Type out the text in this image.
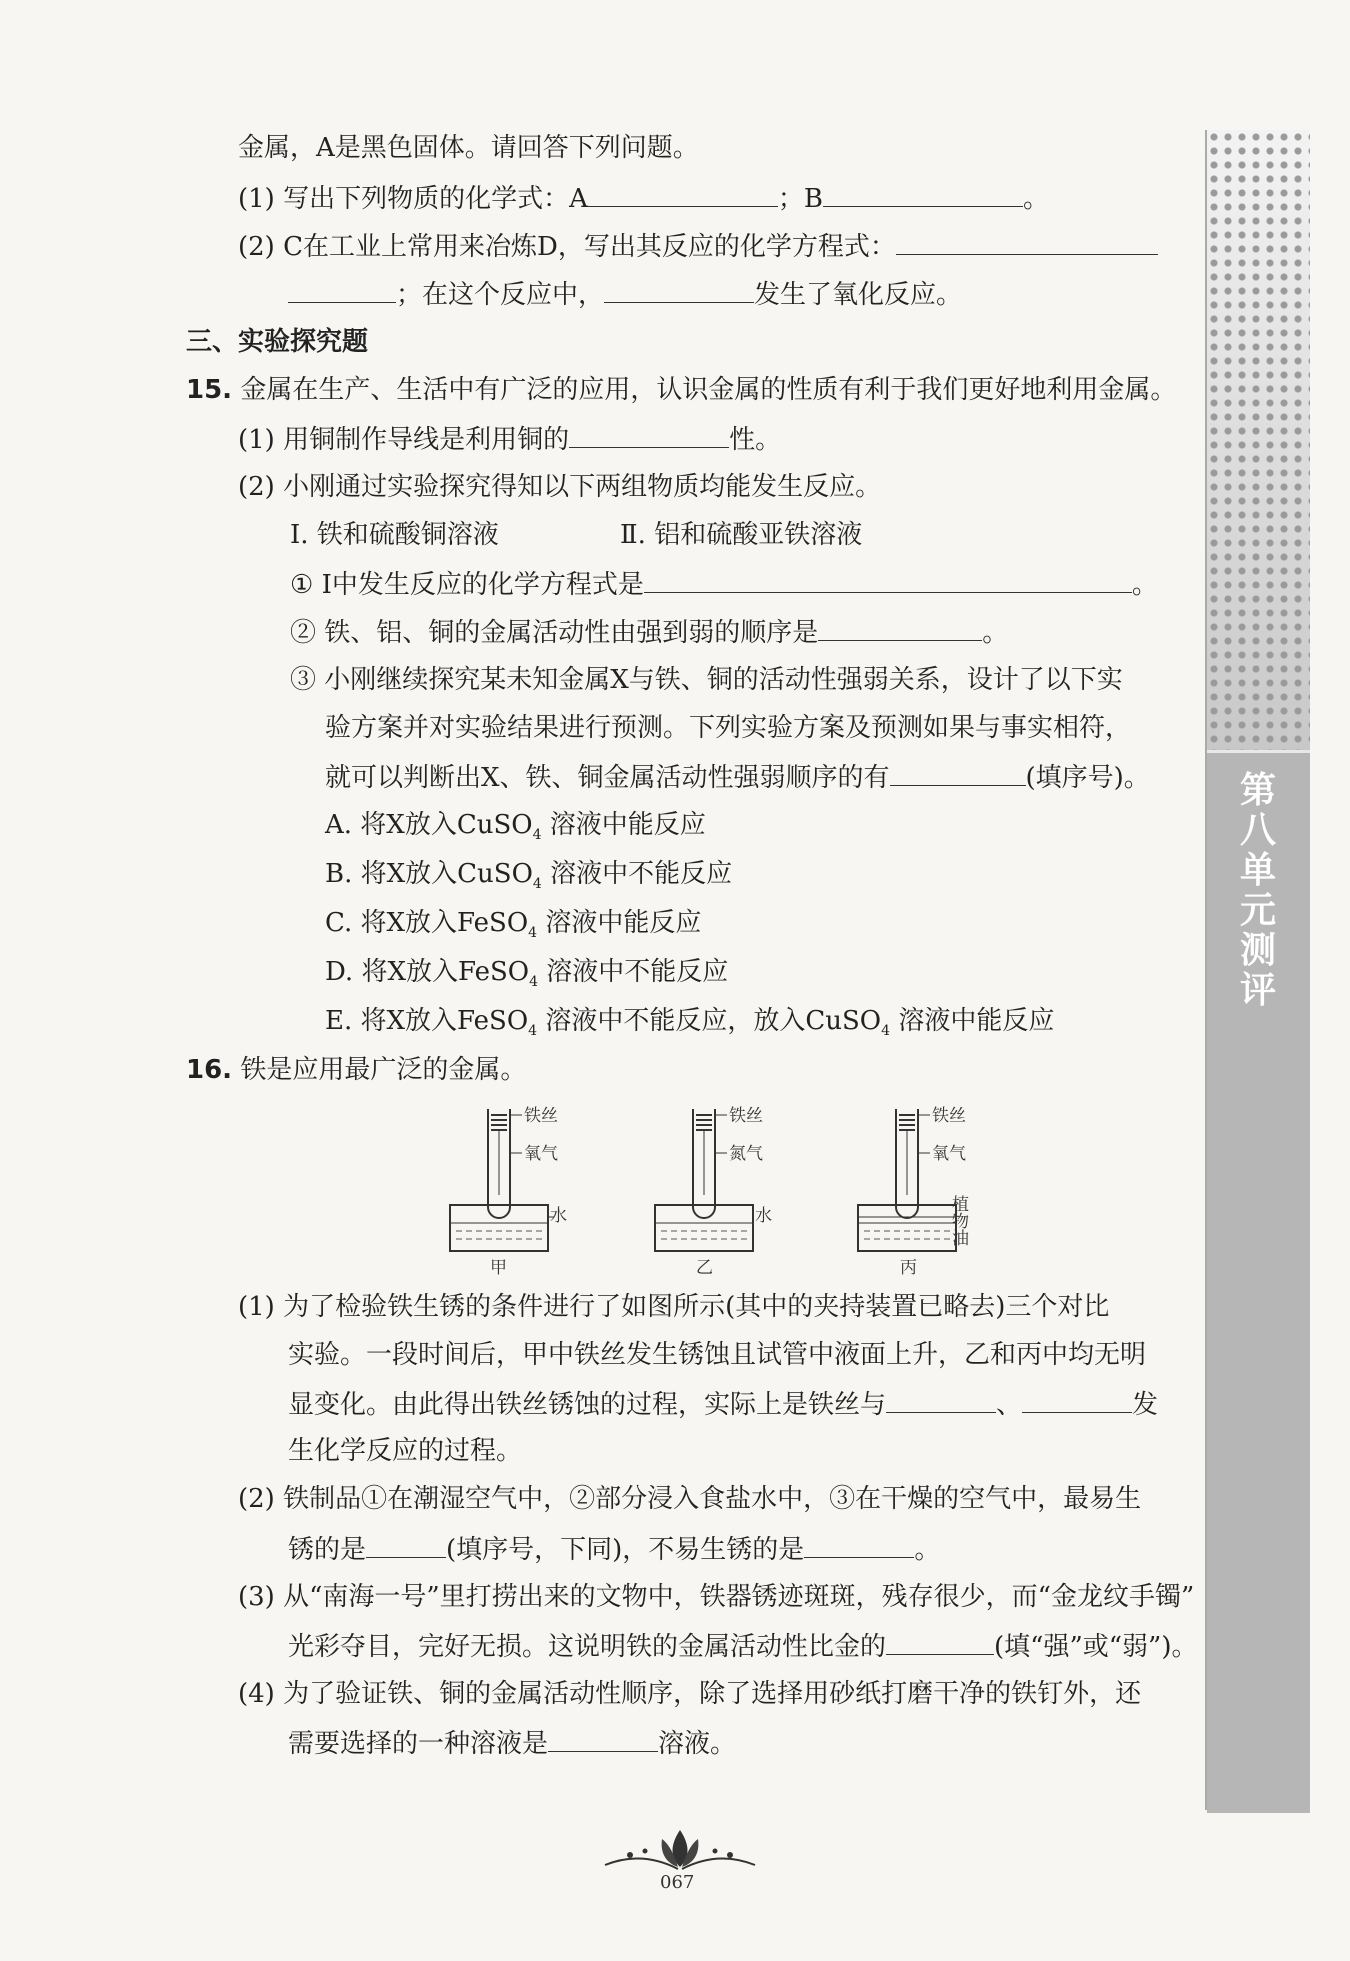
第八单元测评
金属，A是黑色固体。请回答下列问题。
(1) 写出下列物质的化学式：A	；B	。
(2) C在工业上常用来冶炼D，写出其反应的化学方程式：
；在这个反应中，	发生了氧化反应。
三、实验探究题
15. 金属在生产、生活中有广泛的应用，认识金属的性质有利于我们更好地利用金属。
(1) 用铜制作导线是利用铜的	性。
(2) 小刚通过实验探究得知以下两组物质均能发生反应。
Ⅰ. 铁和硫酸铜溶液	Ⅱ. 铝和硫酸亚铁溶液
① Ⅰ中发生反应的化学方程式是	。
② 铁、铝、铜的金属活动性由强到弱的顺序是	。
③ 小刚继续探究某未知金属X与铁、铜的活动性强弱关系，设计了以下实
验方案并对实验结果进行预测。下列实验方案及预测如果与事实相符，
就可以判断出X、铁、铜金属活动性强弱顺序的有	(填序号)。
A. 将X放入CuSO$_4$ 溶液中能反应
B. 将X放入CuSO$_4$ 溶液中不能反应
C. 将X放入FeSO$_4$ 溶液中能反应
D. 将X放入FeSO$_4$ 溶液中不能反应
E. 将X放入FeSO$_4$ 溶液中不能反应，放入CuSO$_4$ 溶液中能反应
16. 铁是应用最广泛的金属。
铁丝
氧气
水
甲
铁丝
氮气
水
乙
铁丝
氧气
植物油
丙
(1) 为了检验铁生锈的条件进行了如图所示(其中的夹持装置已略去)三个对比
实验。一段时间后，甲中铁丝发生锈蚀且试管中液面上升，乙和丙中均无明
显变化。由此得出铁丝锈蚀的过程，实际上是铁丝与	、	发
生化学反应的过程。
(2) 铁制品①在潮湿空气中，②部分浸入食盐水中，③在干燥的空气中，最易生
锈的是	(填序号，下同)，不易生锈的是	。
(3) 从“南海一号”里打捞出来的文物中，铁器锈迹斑斑，残存很少，而“金龙纹手镯”
光彩夺目，完好无损。这说明铁的金属活动性比金的	(填“强”或“弱”)。
(4) 为了验证铁、铜的金属活动性顺序，除了选择用砂纸打磨干净的铁钉外，还
需要选择的一种溶液是	溶液。
067
